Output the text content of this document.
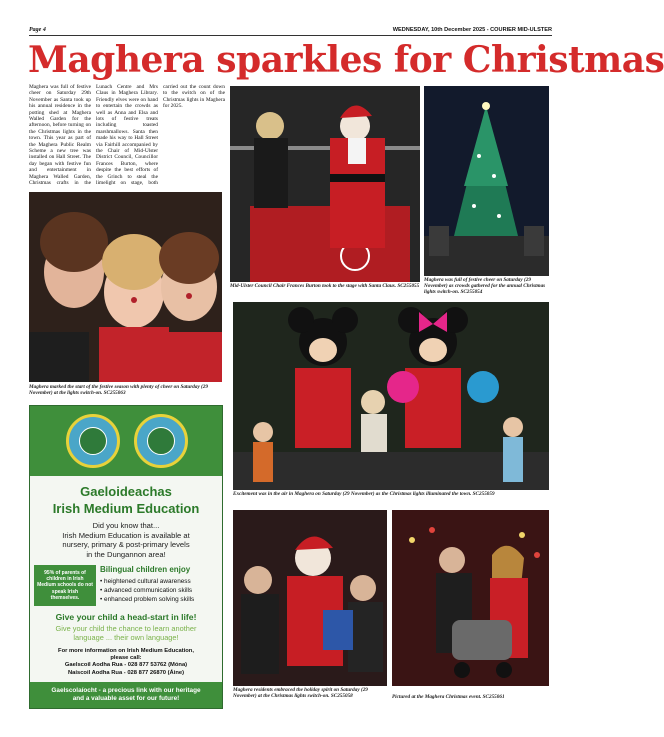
Page 4	WEDNESDAY, 10th December 2025 - COURIER MID-ULSTER
Maghera sparkles for Christmas
Maghera was full of festive cheer on Saturday 29th November as Santa took up his annual residence in the potting shed at Maghera Walled Garden for the afternoon, before turning on the Christmas lights in the town. This year as part of the Maghera Public Realm Scheme a new tree was installed on Hall Street. The day began with festive fun and entertainment in Maghera Walled Garden, Christmas crafts in the Lunach Centre and Mrs Claus in Maghera Library. Friendly elves were on hand to entertain the crowds as well as Anna and Elsa and lots of festive treats including toasted marshmallows. Santa then made his way to Hall Street via Fairhill accompanied by the Chair of Mid-Ulster District Council, Councillor Frances Burton, where despite the best efforts of the Grinch to steal the limelight on stage, both carried out the count down to the switch on of the Christmas lights in Maghera for 2025.
Mid-Ulster Council Chair Frances Burton took to the stage with Santa Claus. SC255055
Maghera was full of festive cheer on Saturday (29 November) as crowds gathered for the annual Christmas lights switch-on. SC255054
Maghera marked the start of the festive season with plenty of cheer on Saturday (29 November) at the lights switch-on. SC255063
Excitement was in the air in Maghera on Saturday (29 November) as the Christmas lights illuminated the town. SC255059
Maghera residents embraced the holiday spirit on Saturday (29 November) at the Christmas lights switch-on. SC255058	Pictured at the Maghera Christmas event. SC255061
Gaeloideachas
Irish Medium Education
Did you know that...
Irish Medium Education is available at
nursery, primary & post-primary levels
in the Dungannon area!
95% of parents of children in Irish Medium schools do not speak Irish themselves.
Bilingual children enjoy
• heightened cultural awareness
• advanced communication skills
• enhanced problem solving skills
Give your child a head-start in life!
Give your child the chance to learn another
language ... their own language!
For more information on Irish Medium Education,
please call:
Gaelscoil Aodha Rua - 028 877 53762 (Móna)
Naíscoil Aodha Rua - 028 877 26870 (Áine)
Gaelscolaíocht - a precious link with our heritage
and a valuable asset for our future!
